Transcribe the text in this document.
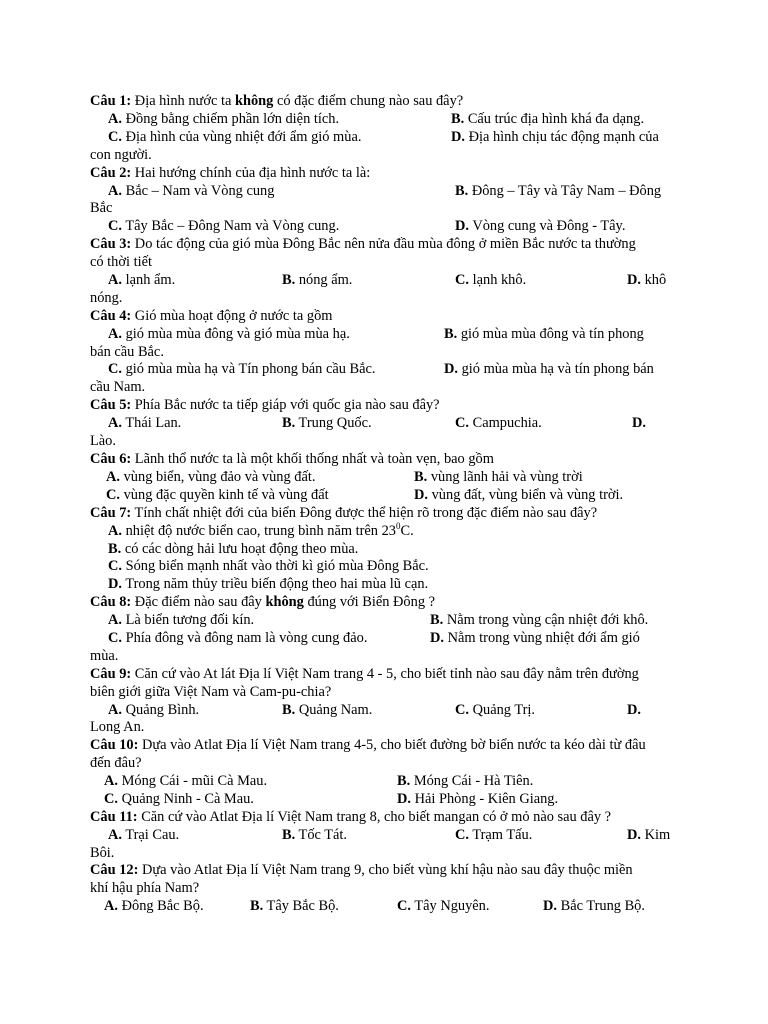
Câu 1: Địa hình nước ta không có đặc điểm chung nào sau đây?
A. Đồng bằng chiếm phần lớn diện tích.	B. Cấu trúc địa hình khá đa dạng.
C. Địa hình của vùng nhiệt đới ẩm gió mùa.	D. Địa hình chịu tác động mạnh của
con người.
Câu 2: Hai hướng chính của địa hình nước ta là:
A. Bắc – Nam và Vòng cung	B. Đông – Tây và Tây Nam – Đông
Bắc
C. Tây Bắc – Đông Nam và Vòng cung.	D. Vòng cung và Đông - Tây.
Câu 3: Do tác động của gió mùa Đông Bắc nên nửa đầu mùa đông ở miền Bắc nước ta thường
có thời tiết
A. lạnh ẩm.	B. nóng ẩm.	C. lạnh khô.	D. khô
nóng.
Câu 4: Gió mùa hoạt động ở nước ta gồm
A. gió mùa mùa đông và gió mùa mùa hạ.	B. gió mùa mùa đông và tín phong
bán cầu Bắc.
C. gió mùa mùa hạ và Tín phong bán cầu Bắc.	D. gió mùa mùa hạ và tín phong bán
cầu Nam.
Câu 5: Phía Bắc nước ta tiếp giáp với quốc gia nào sau đây?
A. Thái Lan.	B. Trung Quốc.	C. Campuchia.	D.
Lào.
Câu 6: Lãnh thổ nước ta là một khối thống nhất và toàn vẹn, bao gồm
A. vùng biển, vùng đảo và vùng đất.	B. vùng lãnh hải và vùng trời
C. vùng đặc quyền kinh tế và vùng đất	D. vùng đất, vùng biển và vùng trời.
Câu 7: Tính chất nhiệt đới của biển Đông được thể hiện rõ trong đặc điểm nào sau đây?
A. nhiệt độ nước biển cao, trung bình năm trên $23^0C$.
B. có các dòng hải lưu hoạt động theo mùa.
C. Sóng biển mạnh nhất vào thời kì gió mùa Đông Bắc.
D. Trong năm thủy triều biến động theo hai mùa lũ cạn.
Câu 8: Đặc điểm nào sau đây không đúng với Biển Đông ?
A. Là biển tương đối kín.	B. Nằm trong vùng cận nhiệt đới khô.
C. Phía đông và đông nam là vòng cung đảo.	D. Nằm trong vùng nhiệt đới ẩm gió
mùa.
Câu 9: Căn cứ vào At lát Địa lí Việt Nam trang 4 - 5, cho biết tỉnh nào sau đây nằm trên đường
biên giới giữa Việt Nam và Cam-pu-chia?
A. Quảng Bình.	B. Quảng Nam.	C. Quảng Trị.	D.
Long An.
Câu 10: Dựa vào Atlat Địa lí Việt Nam trang 4-5, cho biết đường bờ biển nước ta kéo dài từ đâu
đến đâu?
A. Móng Cái - mũi Cà Mau.	B. Móng Cái - Hà Tiên.
C. Quảng Ninh - Cà Mau.	D. Hải Phòng - Kiên Giang.
Câu 11: Căn cứ vào Atlat Địa lí Việt Nam trang 8, cho biết mangan có ở mỏ nào sau đây ?
A. Trại Cau.	B. Tốc Tát.	C. Trạm Tấu.	D. Kim
Bôi.
Câu 12: Dựa vào Atlat Địa lí Việt Nam trang 9, cho biết vùng khí hậu nào sau đây thuộc miền
khí hậu phía Nam?
A. Đông Bắc Bộ.	B. Tây Bắc Bộ.	C. Tây Nguyên.	D. Bắc Trung Bộ.
